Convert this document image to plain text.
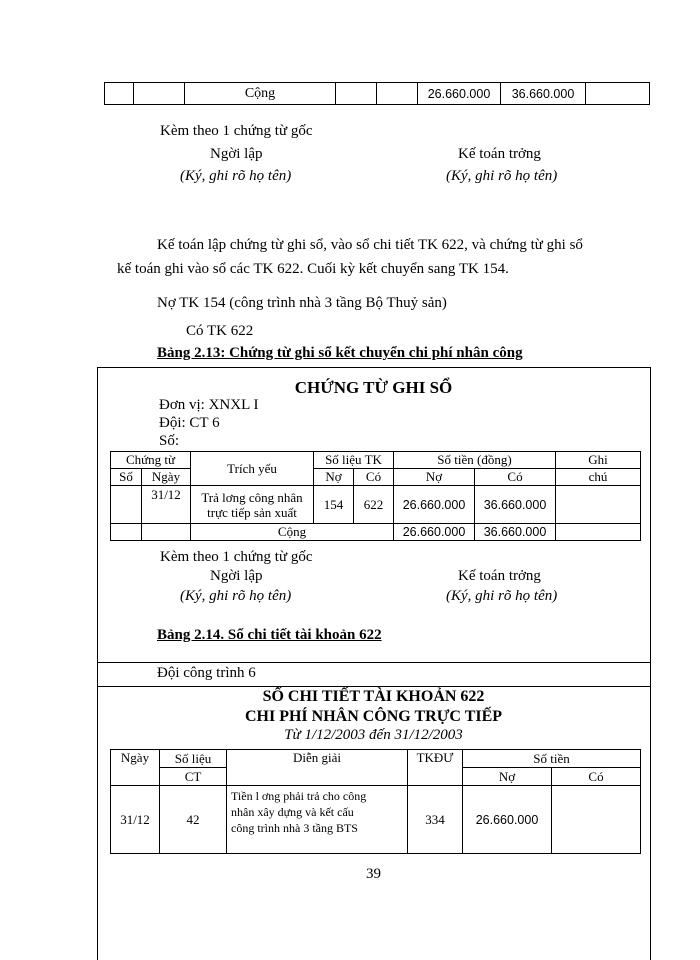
		Cộng			26.660.000	36.660.000	
Kèm theo 1 chứng từ gốc
Ngời lập	Kế toán trởng
(Ký, ghi rõ họ tên)	(Ký, ghi rõ họ tên)
Kế toán lập chứng từ ghi sổ, vào sổ chi tiết TK 622, và chứng từ ghi sổ
kế toán ghi vào sổ các TK 622. Cuối kỳ kết chuyển sang TK 154.
Nợ TK 154 (công trình nhà 3 tầng Bộ Thuỷ sản)
Có TK 622
Bảng 2.13: Chứng từ ghi sổ kết chuyển chi phí nhân công
CHỨNG TỪ GHI SỔ
Đơn vị: XNXL I
Đội: CT 6
Số:
Chứng từ		Trích yếu	Số liệu TK		Số tiền (đồng)		Ghi
Số	Ngày		Nợ	Có	Nợ	Có	chú
	31/12	Trả lơng công nhân
trực tiếp sản xuất	154	622	26.660.000	36.660.000	
		Cộng			26.660.000	36.660.000	
Kèm theo 1 chứng từ gốc
Ngời lập	Kế toán trởng
(Ký, ghi rõ họ tên)	(Ký, ghi rõ họ tên)
Bảng 2.14. Sổ chi tiết tài khoản 622
Đội công trình 6
SỔ CHI TIẾT TÀI KHOẢN 622
CHI PHÍ NHÂN CÔNG TRỰC TIẾP
Từ 1/12/2003 đến 31/12/2003
Ngày	Số liệu	Diễn giải	TKĐƯ	Số tiền	
	CT			Nợ	Có
31/12	42	Tiền l ơng phải trả cho công
nhân xây dựng và kết cấu
công trình nhà 3 tầng BTS	334	26.660.000	
39
